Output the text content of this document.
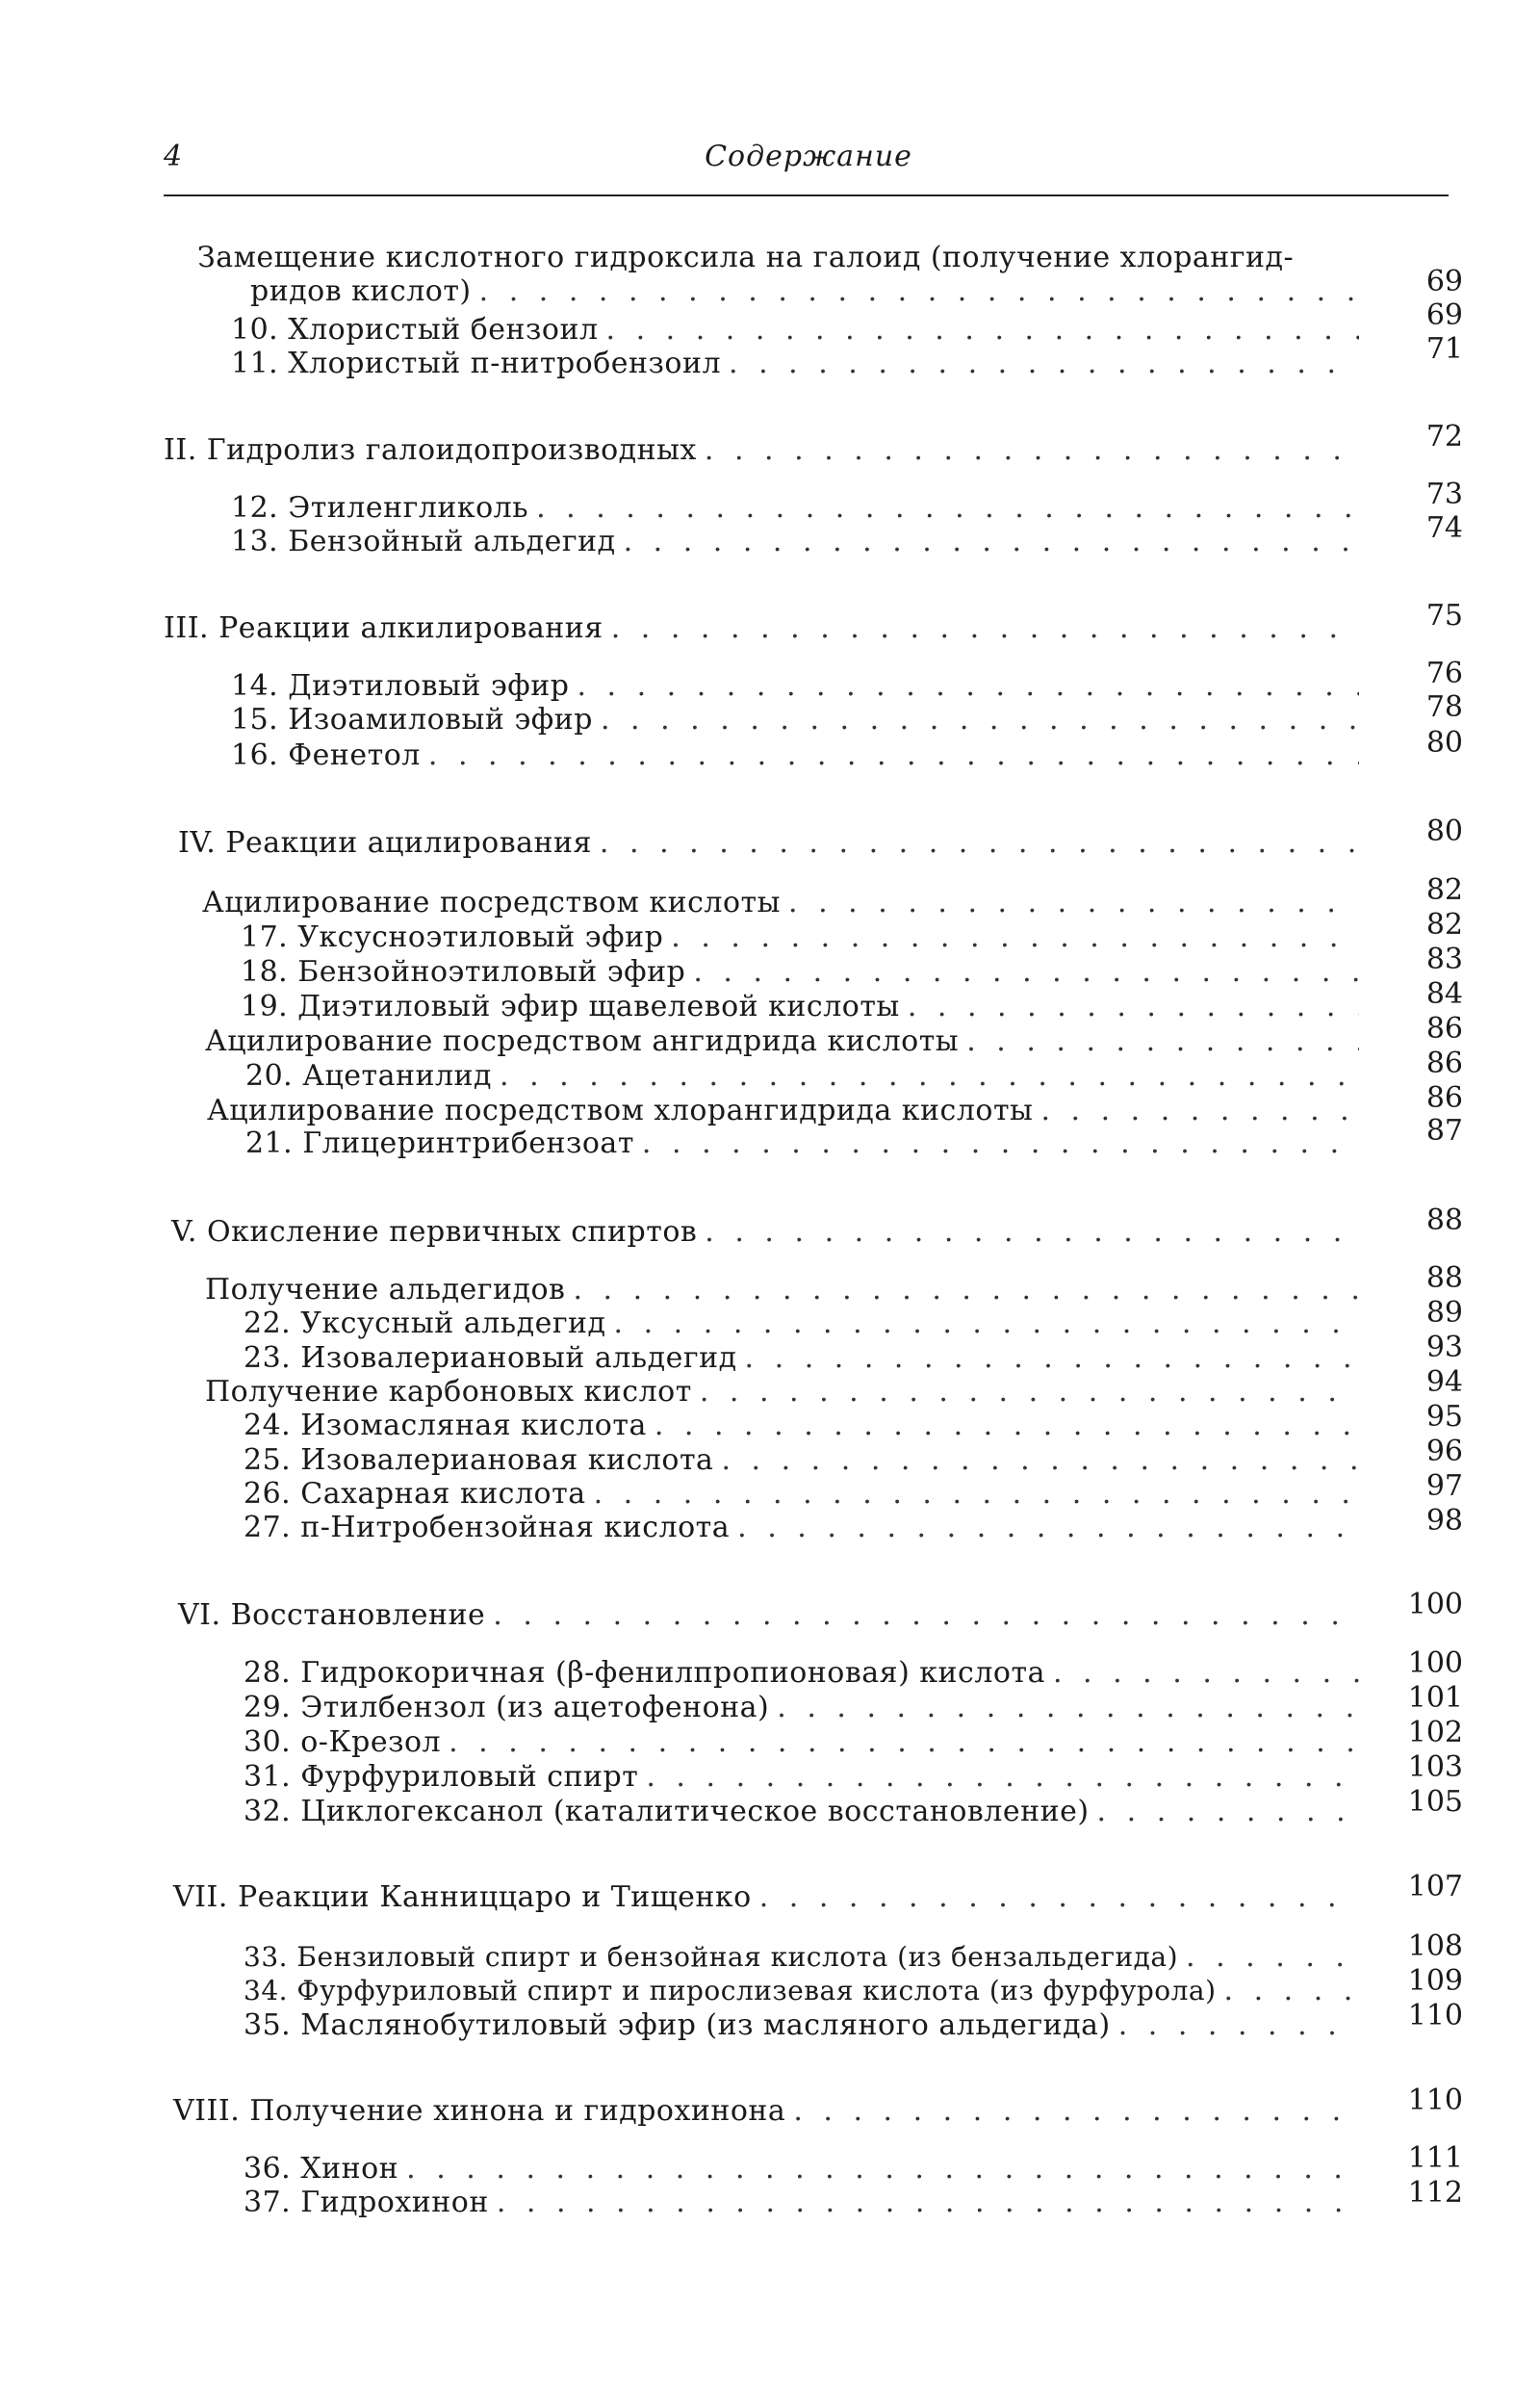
4	Содержание
Замещение кислотного гидроксила на галоид (получение хлорангид-
ридов кислот) . . .	69
10. Хлористый бензоил . . .	69
11. Хлористый п-нитробензоил . . .	71
II. Гидролиз галоидопроизводных . . .	72
12. Этиленгликоль . . .	73
13. Бензойный альдегид . . .	74
III. Реакции алкилирования . . .	75
14. Диэтиловый эфир . . .	76
15. Изоамиловый эфир . . .	78
16. Фенетол . . .	80
IV. Реакции ацилирования . . .	80
Ацилирование посредством кислоты . . .	82
17. Уксусноэтиловый эфир . . .	82
18. Бензойноэтиловый эфир . . .	83
19. Диэтиловый эфир щавелевой кислоты . . .	84
Ацилирование посредством ангидрида кислоты . . .	86
20. Ацетанилид . . .	86
Ацилирование посредством хлорангидрида кислоты . . .	86
21. Глицеринтрибензоат . . .	87
V. Окисление первичных спиртов . . .	88
Получение альдегидов . . .	88
22. Уксусный альдегид . . .	89
23. Изовалериановый альдегид . . .	93
Получение карбоновых кислот . . .	94
24. Изомасляная кислота . . .	95
25. Изовалериановая кислота . . .	96
26. Сахарная кислота . . .	97
27. п-Нитробензойная кислота . . .	98
VI. Восстановление . . .	100
28. Гидрокоричная (β-фенилпропионовая) кислота . . .	100
29. Этилбензол (из ацетофенона) . . .	101
30. о-Крезол . . .	102
31. Фурфуриловый спирт . . .	103
32. Циклогексанол (каталитическое восстановление) . . .	105
VII. Реакции Канниццаро и Тищенко . . .	107
33. Бензиловый спирт и бензойная кислота (из бензальдегида) . . .	108
34. Фурфуриловый спирт и пирослизевая кислота (из фурфурола) . . .	109
35. Маслянобутиловый эфир (из масляного альдегида) . . .	110
VIII. Получение хинона и гидрохинона . . .	110
36. Хинон . . .	111
37. Гидрохинон . . .	112
